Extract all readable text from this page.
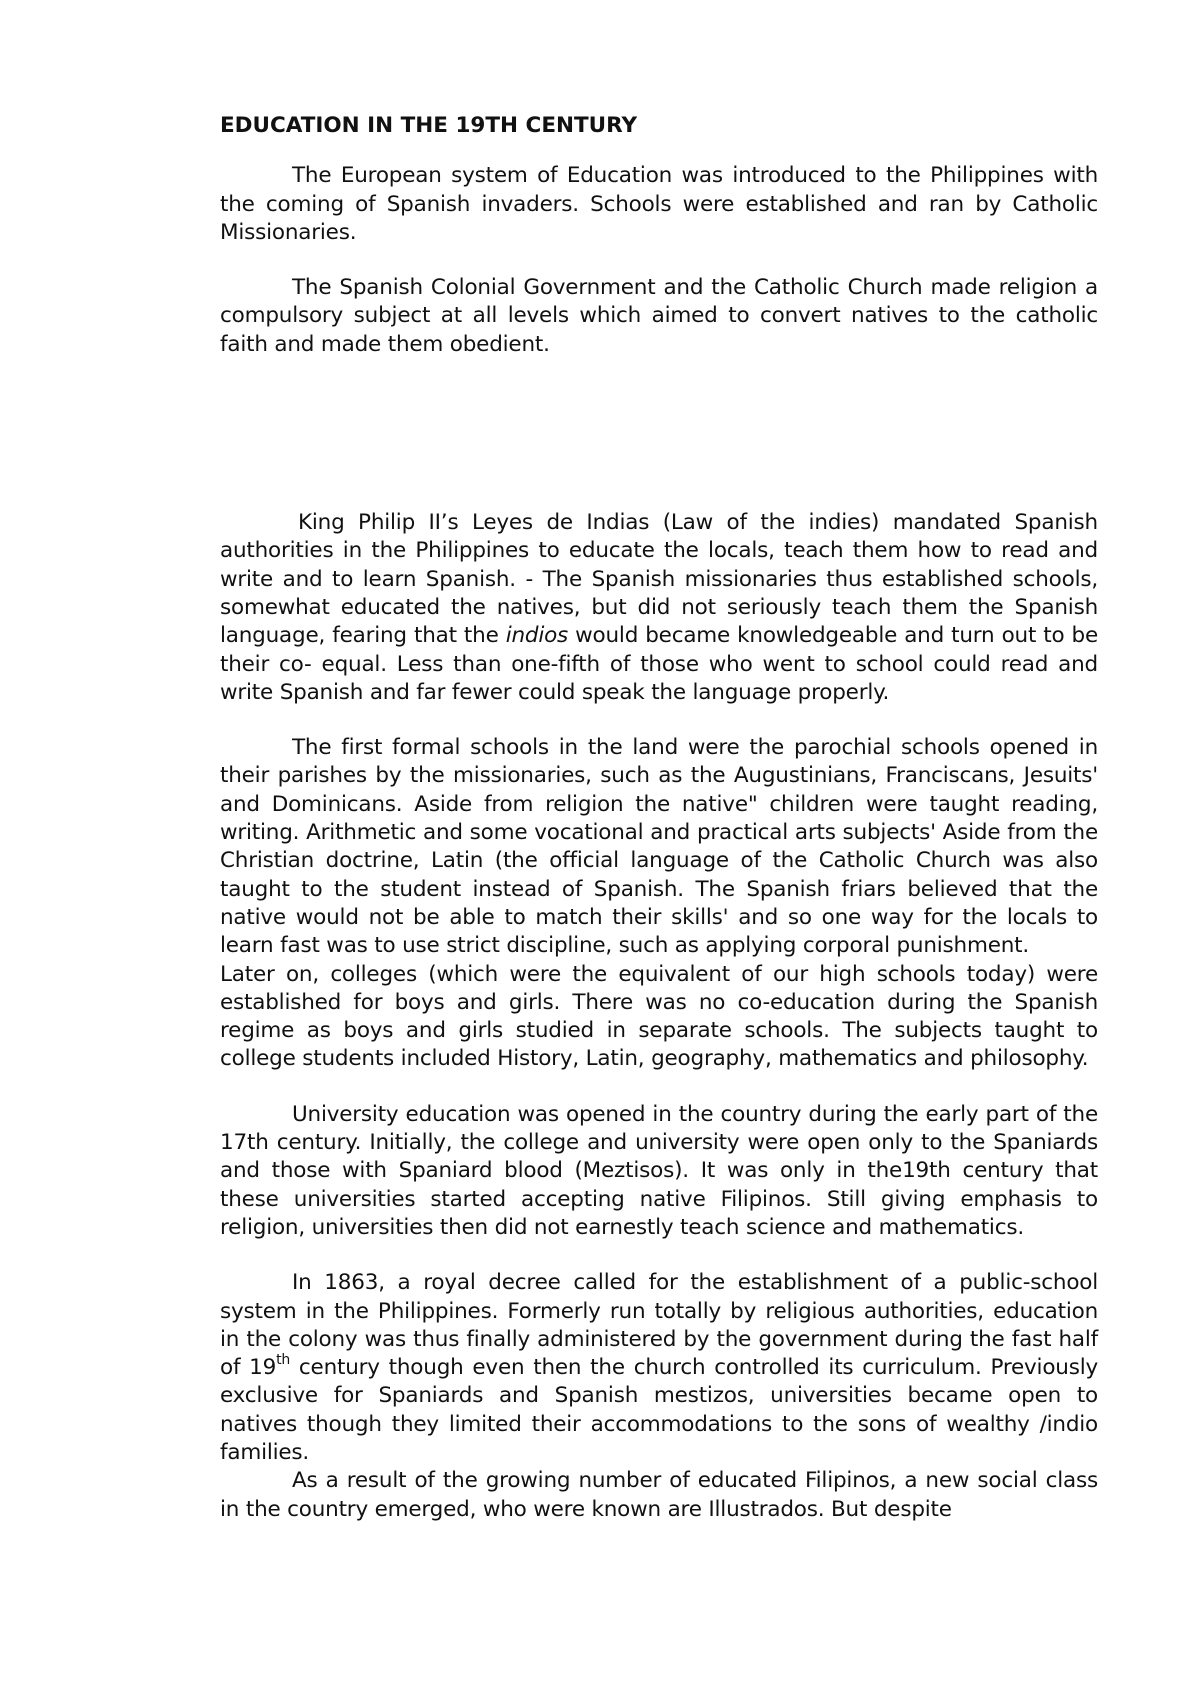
EDUCATION IN THE 19TH CENTURY

The European system of Education was introduced to the Philippines with the coming of Spanish invaders. Schools were established and ran by Catholic Missionaries.

The Spanish Colonial Government and the Catholic Church made religion a compulsory subject at all levels which aimed to convert natives to the catholic faith and made them obedient.

King Philip II’s Leyes de Indias (Law of the indies) mandated Spanish authorities in the Philippines to educate the locals, teach them how to read and write and to learn Spanish. - The Spanish missionaries thus established schools, somewhat educated the natives, but did not seriously teach them the Spanish language, fearing that the indios would became knowledgeable and turn out to be their co- equal. Less than one-fifth of those who went to school could read and write Spanish and far fewer could speak the language properly.

The first formal schools in the land were the parochial schools opened in their parishes by the missionaries, such as the Augustinians, Franciscans, Jesuits' and Dominicans. Aside from religion the native" children were taught reading, writing. Arithmetic and some vocational and practical arts subjects' Aside from the Christian doctrine, Latin (the official language of the Catholic Church was also taught to the student instead of Spanish. The Spanish friars believed that the native would not be able to match their skills' and so one way for the locals to learn fast was to use strict discipline, such as applying corporal punishment.

Later on, colleges (which were the equivalent of our high schools today) were established for boys and girls. There was no co-education during the Spanish regime as boys and girls studied in separate schools. The subjects taught to college students included History, Latin, geography, mathematics and philosophy.

University education was opened in the country during the early part of the 17th century. Initially, the college and university were open only to the Spaniards and those with Spaniard blood (Meztisos). It was only in the19th century that these universities started accepting native Filipinos. Still giving emphasis to religion, universities then did not earnestly teach science and mathematics.

In 1863, a royal decree called for the establishment of a public-school system in the Philippines. Formerly run totally by religious authorities, education in the colony was thus finally administered by the government during the fast half of 19th century though even then the church controlled its curriculum. Previously exclusive for Spaniards and Spanish mestizos, universities became open to natives though they limited their accommodations to the sons of wealthy /indio families.

As a result of the growing number of educated Filipinos, a new social class in the country emerged, who were known are Illustrados. But despite
